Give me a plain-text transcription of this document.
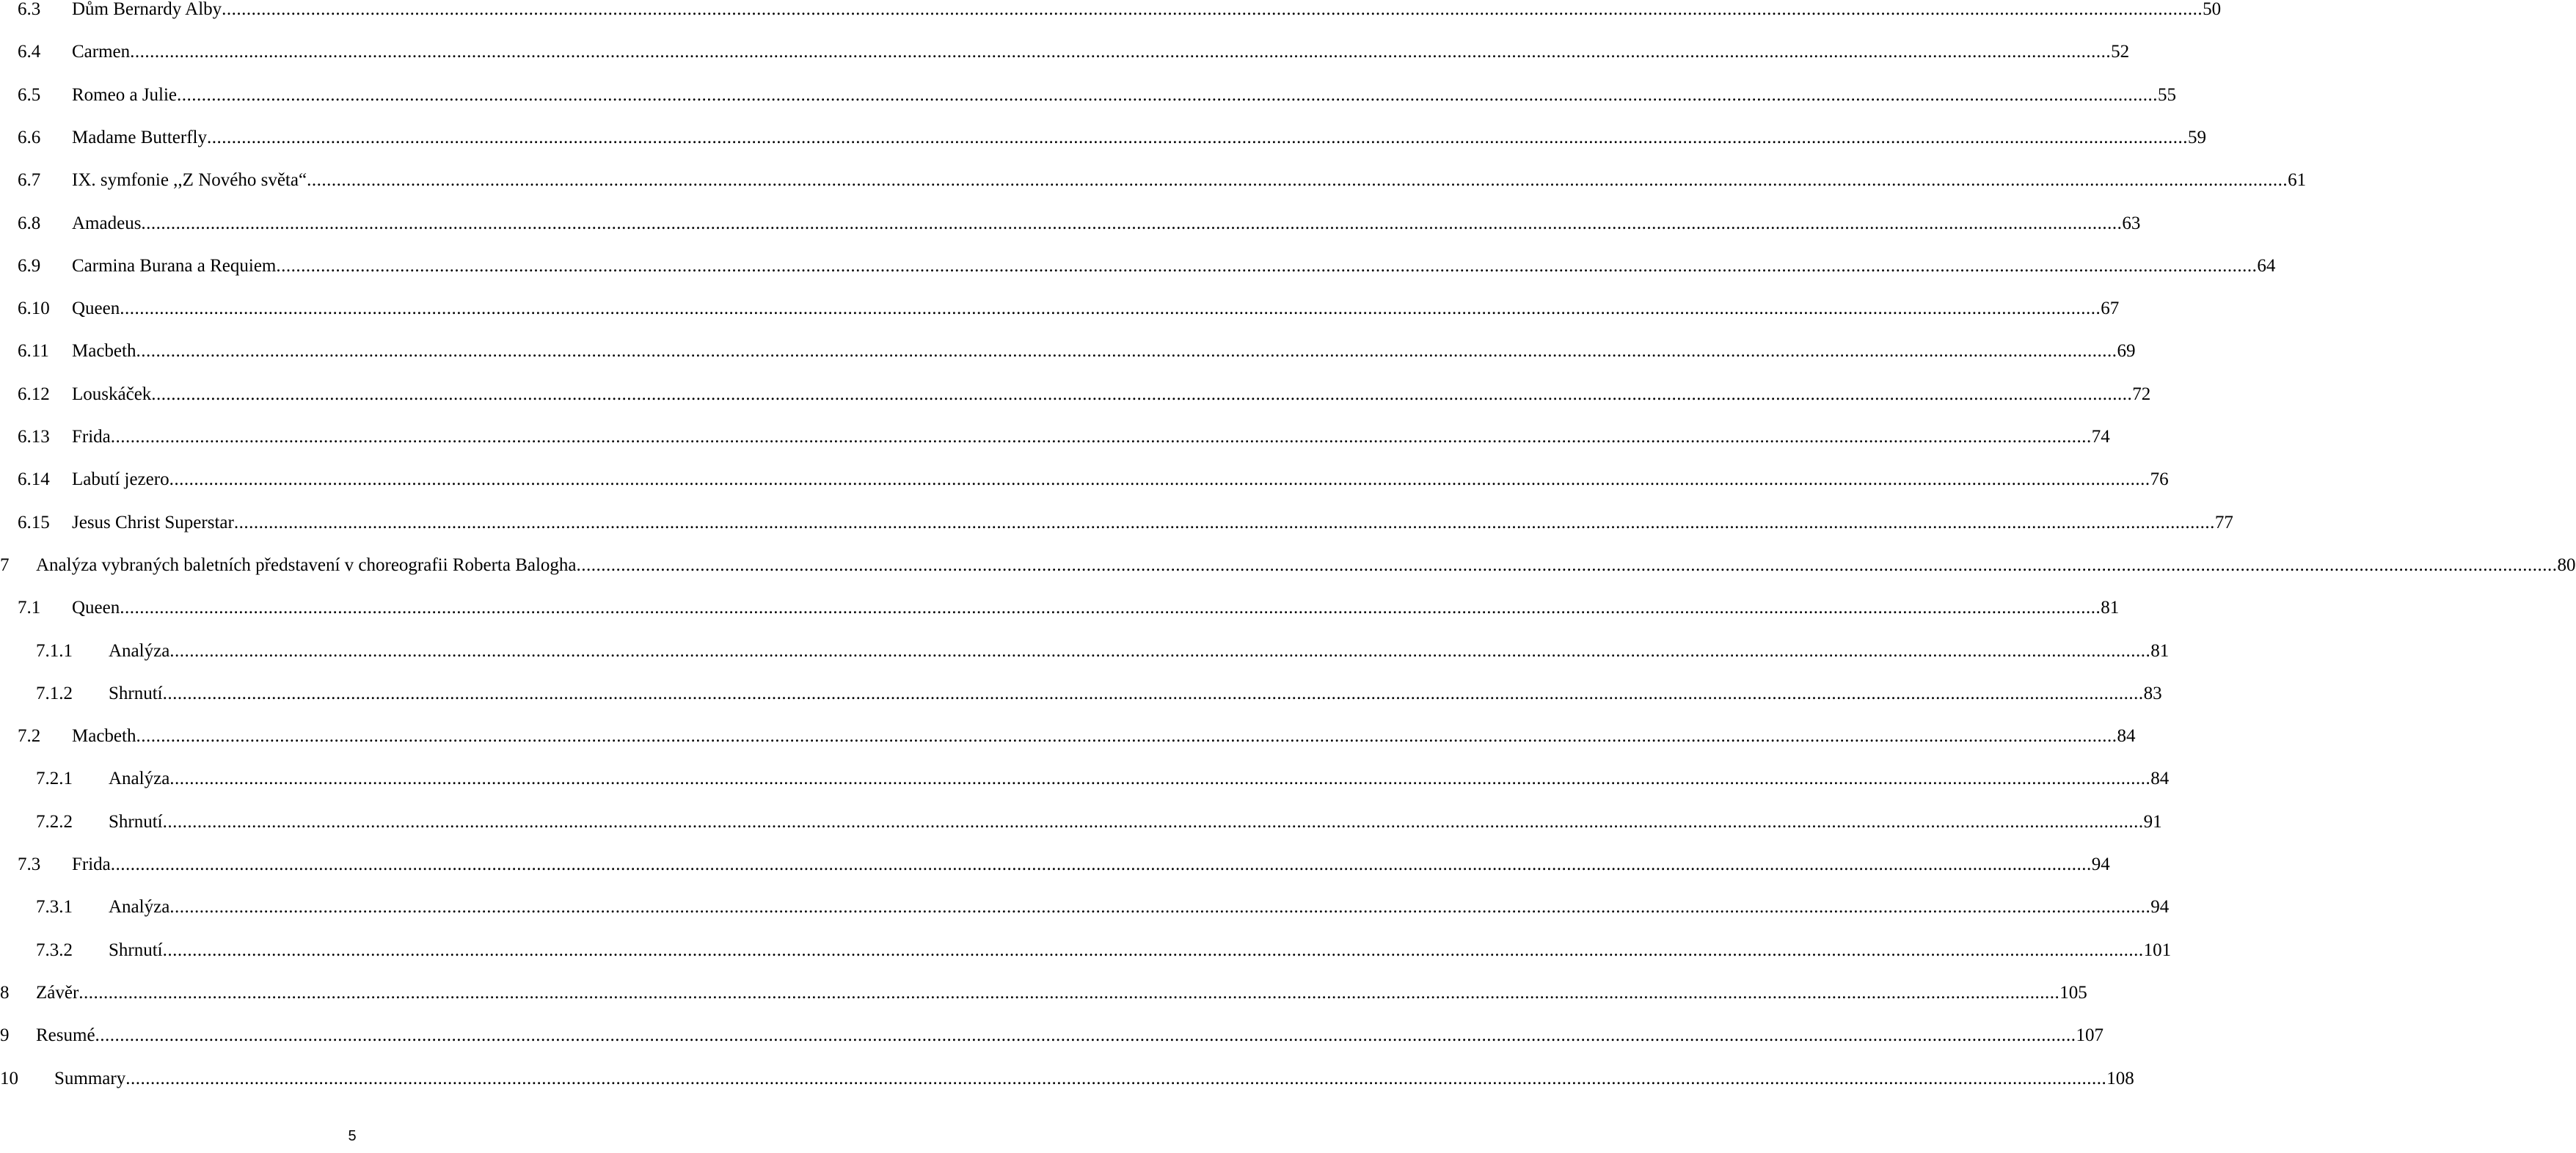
6.3 Dům Bernardy Alby ................................................................................................................................................................................................................................................................................................................................................................................................................ 50
6.4 Carmen ................................................................................................................................................................................................................................................................................................................................................................................................................ 52
6.5 Romeo a Julie ................................................................................................................................................................................................................................................................................................................................................................................................................ 55
6.6 Madame Butterfly ................................................................................................................................................................................................................................................................................................................................................................................................................ 59
6.7 IX. symfonie ,,Z Nového světa“ ................................................................................................................................................................................................................................................................................................................................................................................................................ 61
6.8 Amadeus ................................................................................................................................................................................................................................................................................................................................................................................................................ 63
6.9 Carmina Burana a Requiem ................................................................................................................................................................................................................................................................................................................................................................................................................ 64
6.10 Queen ................................................................................................................................................................................................................................................................................................................................................................................................................ 67
6.11 Macbeth ................................................................................................................................................................................................................................................................................................................................................................................................................ 69
6.12 Louskáček ................................................................................................................................................................................................................................................................................................................................................................................................................ 72
6.13 Frida ................................................................................................................................................................................................................................................................................................................................................................................................................ 74
6.14 Labutí jezero ................................................................................................................................................................................................................................................................................................................................................................................................................ 76
6.15 Jesus Christ Superstar ................................................................................................................................................................................................................................................................................................................................................................................................................ 77
7 Analýza vybraných baletních představení v choreografii Roberta Balogha ................................................................................................................................................................................................................................................................................................................................................................................................................ 80
7.1 Queen ................................................................................................................................................................................................................................................................................................................................................................................................................ 81
7.1.1 Analýza ................................................................................................................................................................................................................................................................................................................................................................................................................ 81
7.1.2 Shrnutí ................................................................................................................................................................................................................................................................................................................................................................................................................ 83
7.2 Macbeth ................................................................................................................................................................................................................................................................................................................................................................................................................ 84
7.2.1 Analýza ................................................................................................................................................................................................................................................................................................................................................................................................................ 84
7.2.2 Shrnutí ................................................................................................................................................................................................................................................................................................................................................................................................................ 91
7.3 Frida ................................................................................................................................................................................................................................................................................................................................................................................................................ 94
7.3.1 Analýza ................................................................................................................................................................................................................................................................................................................................................................................................................ 94
7.3.2 Shrnutí ................................................................................................................................................................................................................................................................................................................................................................................................................ 101
8 Závěr ................................................................................................................................................................................................................................................................................................................................................................................................................ 105
9 Resumé ................................................................................................................................................................................................................................................................................................................................................................................................................ 107
10 Summary ................................................................................................................................................................................................................................................................................................................................................................................................................ 108
5
